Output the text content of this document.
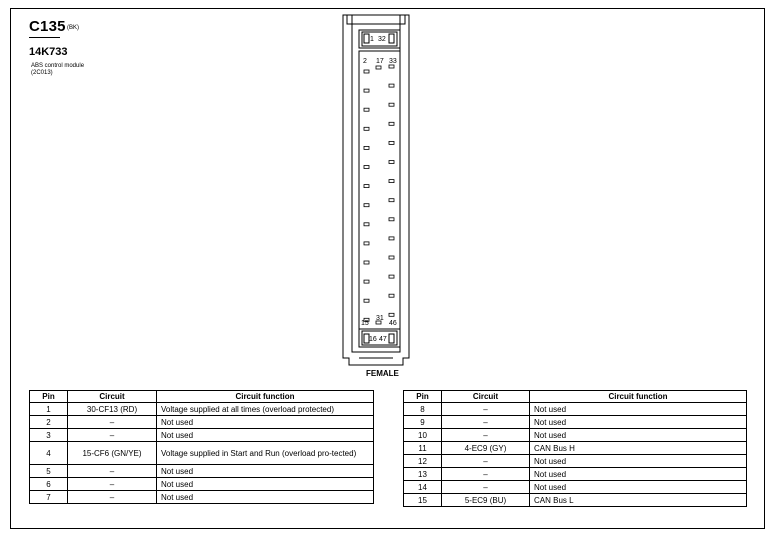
C135 (BK)
14K733
ABS control module
(2C013)
1 32
2 17 33
31
15	46
16 47
FEMALE
Pin	Circuit	Circuit function
1	30-CF13 (RD)	Voltage supplied at all times (overload protected)
2	–	Not used
3	–	Not used
4	15-CF6 (GN/YE)	Voltage supplied in Start and Run (overload pro-tected)
5	–	Not used
6	–	Not used
7	–	Not used
Pin	Circuit	Circuit function
8	–	Not used
9	–	Not used
10	–	Not used
11	4-EC9 (GY)	CAN Bus H
12	–	Not used
13	–	Not used
14	–	Not used
15	5-EC9 (BU)	CAN Bus L
